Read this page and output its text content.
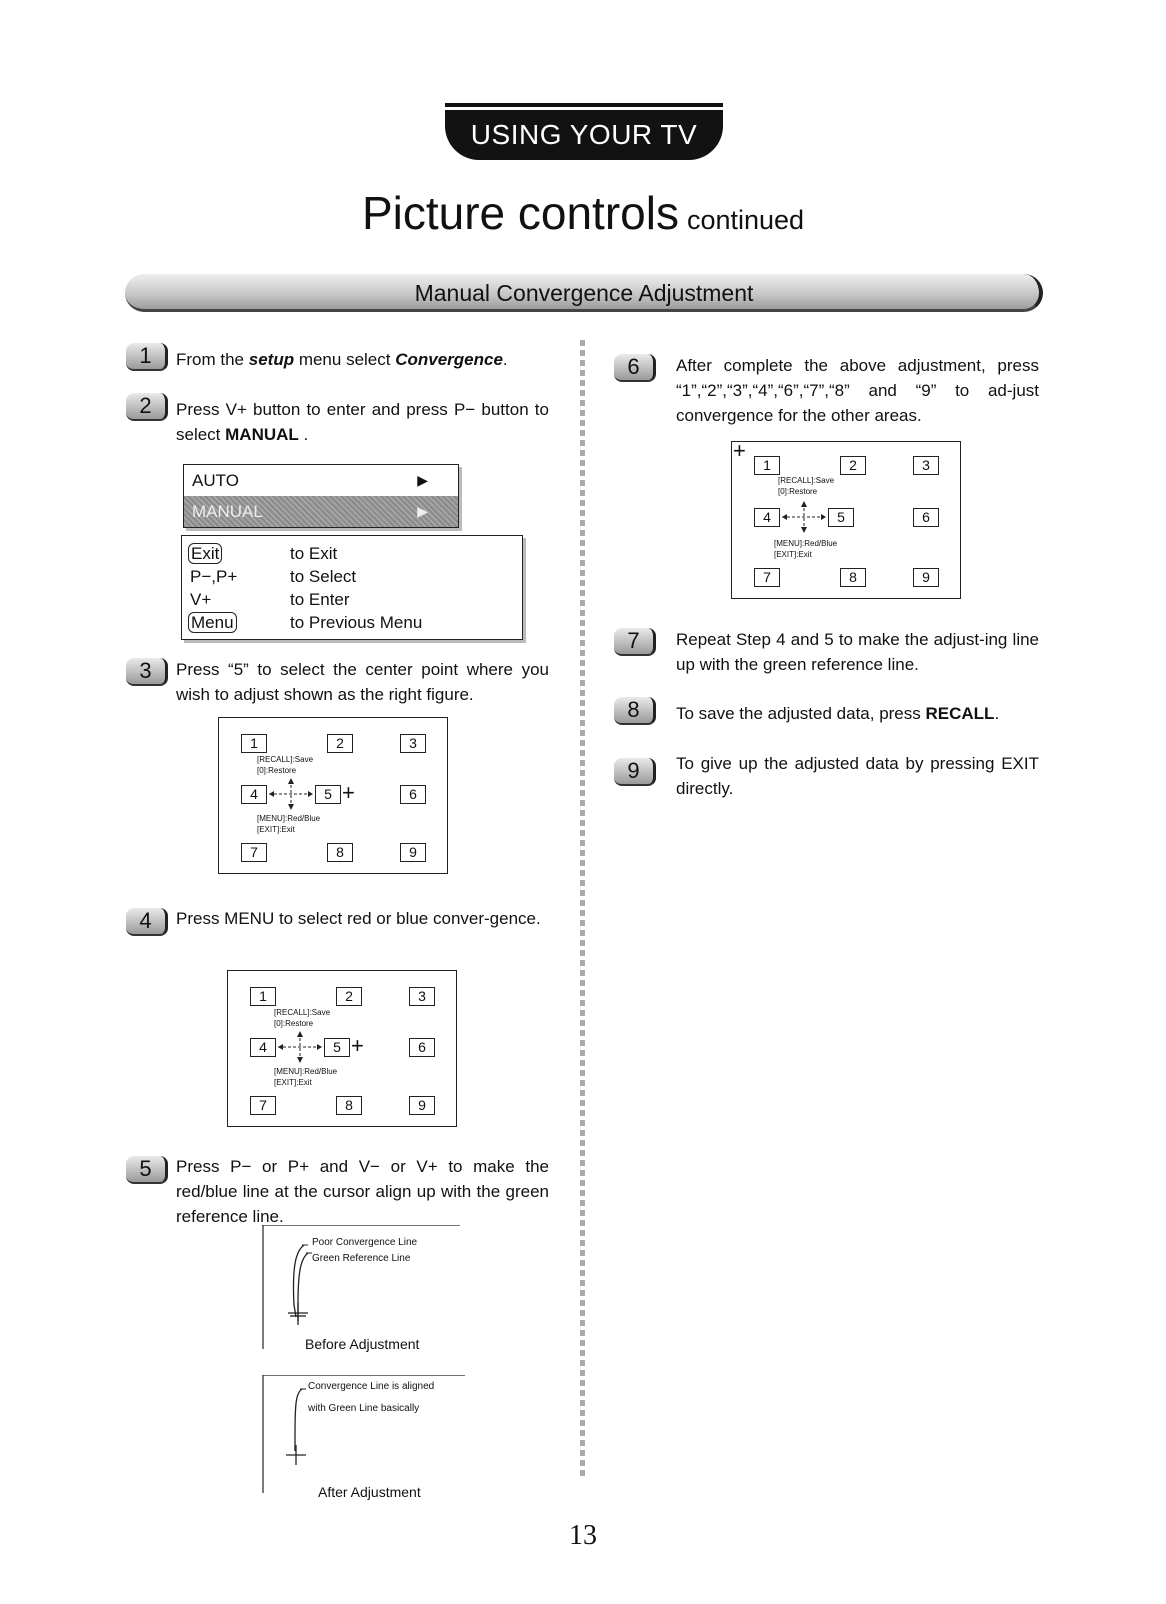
USING YOUR TV
Picture controls continued
Manual Convergence Adjustment
1	From the setup menu select Convergence.
2	Press V+ button to enter and press P− button to select MANUAL .
AUTO	▶
MANUAL	▶
Exit	to Exit
P−,P+	to Select
V+	to Enter
Menu	to Previous Menu
3	Press “5” to select the center point where you wish to adjust shown as the right figure.
1	2	3
[RECALL]:Save
[0]:Restore
4	5 +	6
[MENU]:Red/Blue
[EXIT]:Exit
7	8	9
4	Press MENU to select red or blue conver-gence.
1	2	3
[RECALL]:Save
[0]:Restore
4	5 +	6
[MENU]:Red/Blue
[EXIT]:Exit
7	8	9
5	Press P− or P+ and V− or V+ to make the red/blue line at the cursor align up with the green reference line.
Poor Convergence Line
Green Reference Line
Before Adjustment
Convergence Line is aligned
with Green Line basically
After Adjustment
6	After complete the above adjustment, press “1”,“2”,“3”,“4”,“6”,“7”,“8” and “9” to ad-just convergence for the other areas.
+
1	2	3
[RECALL]:Save
[0]:Restore
4	5	6
[MENU]:Red/Blue
[EXIT]:Exit
7	8	9
7	Repeat Step 4 and 5 to make the adjust-ing line up with the green reference line.
8	To save the adjusted data, press RECALL.
9	To give up the adjusted data by pressing EXIT directly.
13
